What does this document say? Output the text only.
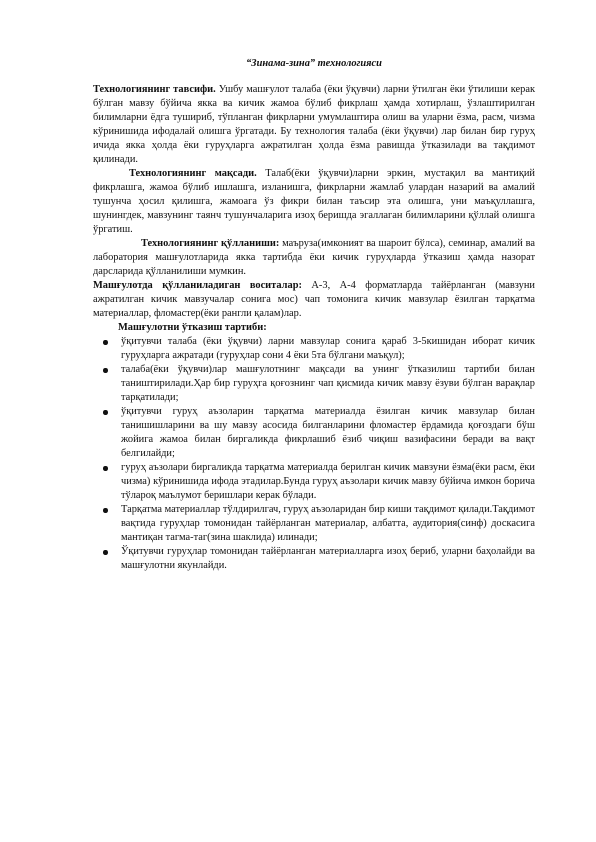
“Зинама-зина” технологияси

Технологиянинг тавсифи. Ушбу машғулот талаба (ёки ўқувчи) ларни ўтилган ёки ўтилиши керак бўлган мавзу бўйича якка ва кичик жамоа бўлиб фикрлаш ҳамда хотирлаш, ўзлаштирилган билимларни ёдга тушириб, тўпланган фикрларни умумлаштира олиш ва уларни ёзма, расм, чизма кўринишида ифодалай олишга ўргатади. Бу технология талаба (ёки ўқувчи) лар билан бир гуруҳ ичида якка ҳолда ёки гуруҳларга ажратилган ҳолда ёзма равишда ўтказилади ва тақдимот қилинади.

Технологиянинг мақсади. Талаб(ёки ўқувчи)ларни эркин, мустақил ва мантиқий фикрлашга, жамоа бўлиб ишлашга, изланишга, фикрларни жамлаб улардан назарий ва амалий тушунча ҳосил қилишга, жамоага ўз фикри билан таъсир эта олишга, уни маъқуллашга, шунингдек, мавзунинг таянч тушунчаларига изоҳ беришда эгаллаган билимларини қўллай олишга ўргатиш.

Технологиянинг қўлланиши: маъруза(имконият ва шароит бўлса), семинар, амалий ва лаборатория машғулотларида якка тартибда ёки кичик гуруҳларда ўтказиш ҳамда назорат дарсларида қўлланилиши мумкин.

Машғулотда қўлланиладиган воситалар: А-3, А-4 форматларда тайёрланган (мавзуни ажратилган кичик мавзучалар сонига мос) чап томонига кичик мавзулар ёзилган тарқатма материаллар, фломастер(ёки рангли қалам)лар.

Машғулотни ўтказиш тартиби:
ўқитувчи талаба (ёки ўқувчи) ларни мавзулар сонига қараб 3-5кишидан иборат кичик гуруҳларга ажратади (гуруҳлар сони 4 ёки 5та бўлгани маъқул);
талаба(ёки ўқувчи)лар машғулотнинг мақсади ва унинг ўтказилиш тартиби билан таништирилади.Ҳар бир гуруҳга қоғознинг чап қисмида кичик мавзу ёзуви бўлган варақлар тарқатилади;
ўқитувчи гуруҳ аъзоларин тарқатма материалда ёзилган кичик мавзулар билан танишишларини ва шу мавзу асосида билганларини фломастер ёрдамида қоғоздаги бўш жойига жамоа билан биргаликда фикрлашиб ёзиб чиқиш вазифасини беради ва вақт белгилайди;
гуруҳ аъзолари биргаликда тарқатма материалда берилган кичик мавзуни ёзма(ёки расм, ёки чизма) кўринишида ифода этадилар.Бунда гуруҳ аъзолари кичик мавзу бўйича имкон борича тўлароқ маълумот беришлари керак бўлади.
Тарқатма материаллар тўлдирилгач, гуруҳ аъзоларидан бир киши тақдимот қилади.Тақдимот вақтида гуруҳлар томонидан тайёрланган материалар, албатта, аудитория(синф) доскасига мантиқан тагма-таг(зина шаклида) илинади;
Ўқитувчи гуруҳлар томонидан тайёрланган материалларга изоҳ бериб, уларни баҳолайди ва машғулотни якунлайди.
